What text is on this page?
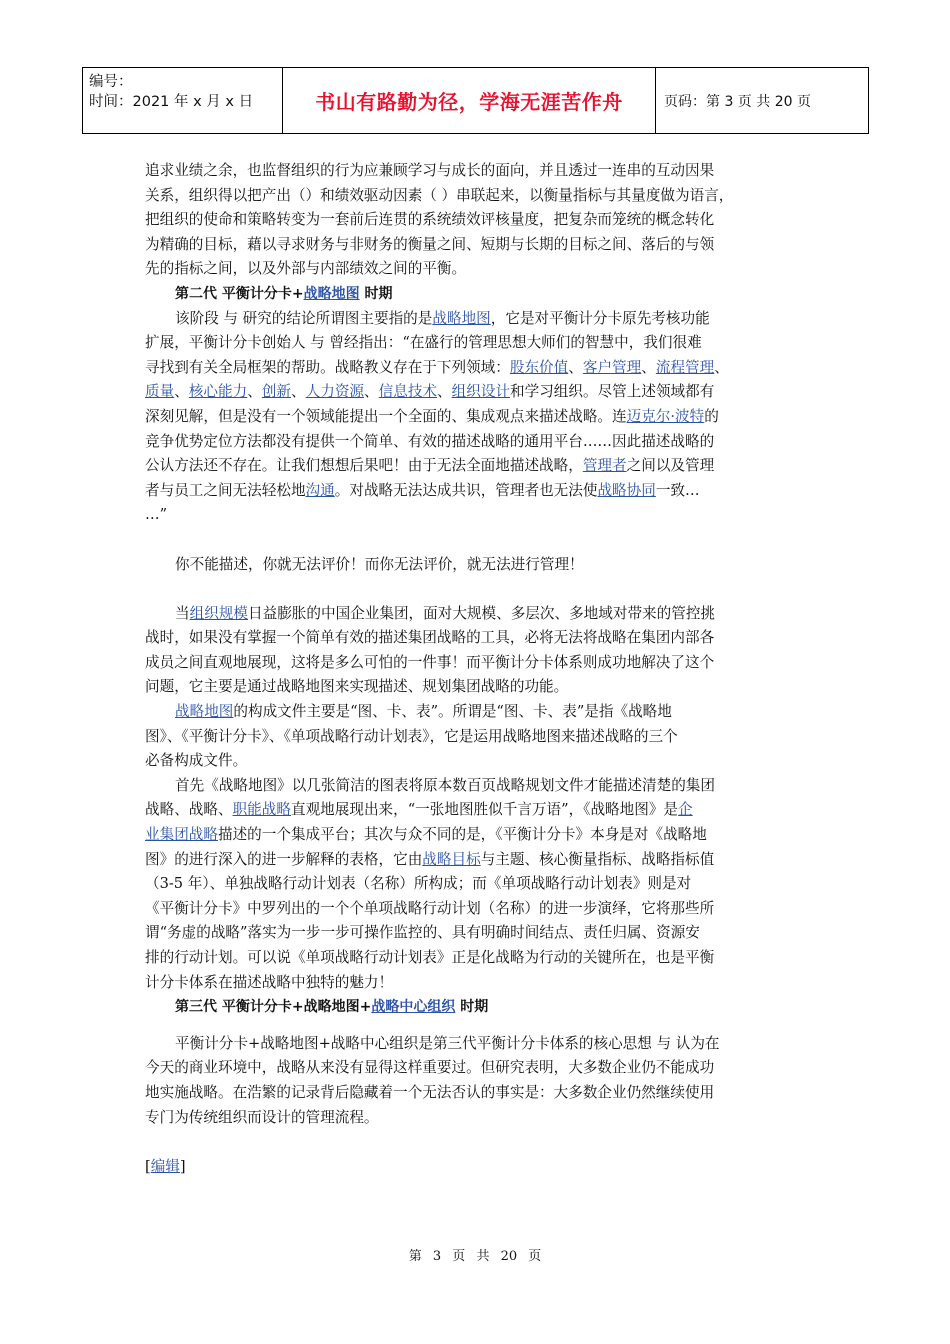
编号：
时间：2021 年 x 月 x 日	书山有路勤为径，学海无涯苦作舟	页码：第 3 页 共 20 页
追求业绩之余，也监督组织的行为应兼顾学习与成长的面向，并且透过一连串的互动因果
关系，组织得以把产出（）和绩效驱动因素（ ）串联起来，以衡量指标与其量度做为语言，
把组织的使命和策略转变为一套前后连贯的系统绩效评核量度，把复杂而笼统的概念转化
为精确的目标，藉以寻求财务与非财务的衡量之间、短期与长期的目标之间、落后的与领
先的指标之间，以及外部与内部绩效之间的平衡。
第二代 平衡计分卡+战略地图 时期
该阶段 与 研究的结论所谓图主要指的是战略地图，它是对平衡计分卡原先考核功能
扩展，平衡计分卡创始人 与 曾经指出：“在盛行的管理思想大师们的智慧中，我们很难
寻找到有关全局框架的帮助。战略教义存在于下列领域：股东价值、客户管理、流程管理、
质量、核心能力、创新、人力资源、信息技术、组织设计和学习组织。尽管上述领域都有
深刻见解，但是没有一个领域能提出一个全面的、集成观点来描述战略。连迈克尔·波特的
竞争优势定位方法都没有提供一个简单、有效的描述战略的通用平台……因此描述战略的
公认方法还不存在。让我们想想后果吧！由于无法全面地描述战略，管理者之间以及管理
者与员工之间无法轻松地沟通。对战略无法达成共识，管理者也无法使战略协同一致…
…”
你不能描述，你就无法评价！而你无法评价，就无法进行管理！
当组织规模日益膨胀的中国企业集团，面对大规模、多层次、多地域对带来的管控挑
战时，如果没有掌握一个简单有效的描述集团战略的工具，必将无法将战略在集团内部各
成员之间直观地展现，这将是多么可怕的一件事！而平衡计分卡体系则成功地解决了这个
问题，它主要是通过战略地图来实现描述、规划集团战略的功能。
战略地图的构成文件主要是“图、卡、表”。所谓是“图、卡、表”是指《战略地
图》、《平衡计分卡》、《单项战略行动计划表》，它是运用战略地图来描述战略的三个
必备构成文件。
首先《战略地图》以几张简洁的图表将原本数百页战略规划文件才能描述清楚的集团
战略、战略、职能战略直观地展现出来，“一张地图胜似千言万语”，《战略地图》是企
业集团战略描述的一个集成平台；其次与众不同的是，《平衡计分卡》本身是对《战略地
图》的进行深入的进一步解释的表格，它由战略目标与主题、核心衡量指标、战略指标值
（3-5 年）、单独战略行动计划表（名称）所构成；而《单项战略行动计划表》则是对
《平衡计分卡》中罗列出的一个个单项战略行动计划（名称）的进一步演绎，它将那些所
谓“务虚的战略”落实为一步一步可操作监控的、具有明确时间结点、责任归属、资源安
排的行动计划。可以说《单项战略行动计划表》正是化战略为行动的关键所在，也是平衡
计分卡体系在描述战略中独特的魅力！
第三代 平衡计分卡+战略地图+战略中心组织 时期
平衡计分卡+战略地图+战略中心组织是第三代平衡计分卡体系的核心思想 与 认为在
今天的商业环境中，战略从来没有显得这样重要过。但研究表明，大多数企业仍不能成功
地实施战略。在浩繁的记录背后隐藏着一个无法否认的事实是：大多数企业仍然继续使用
专门为传统组织而设计的管理流程。
[编辑]
第 3 页 共 20 页
